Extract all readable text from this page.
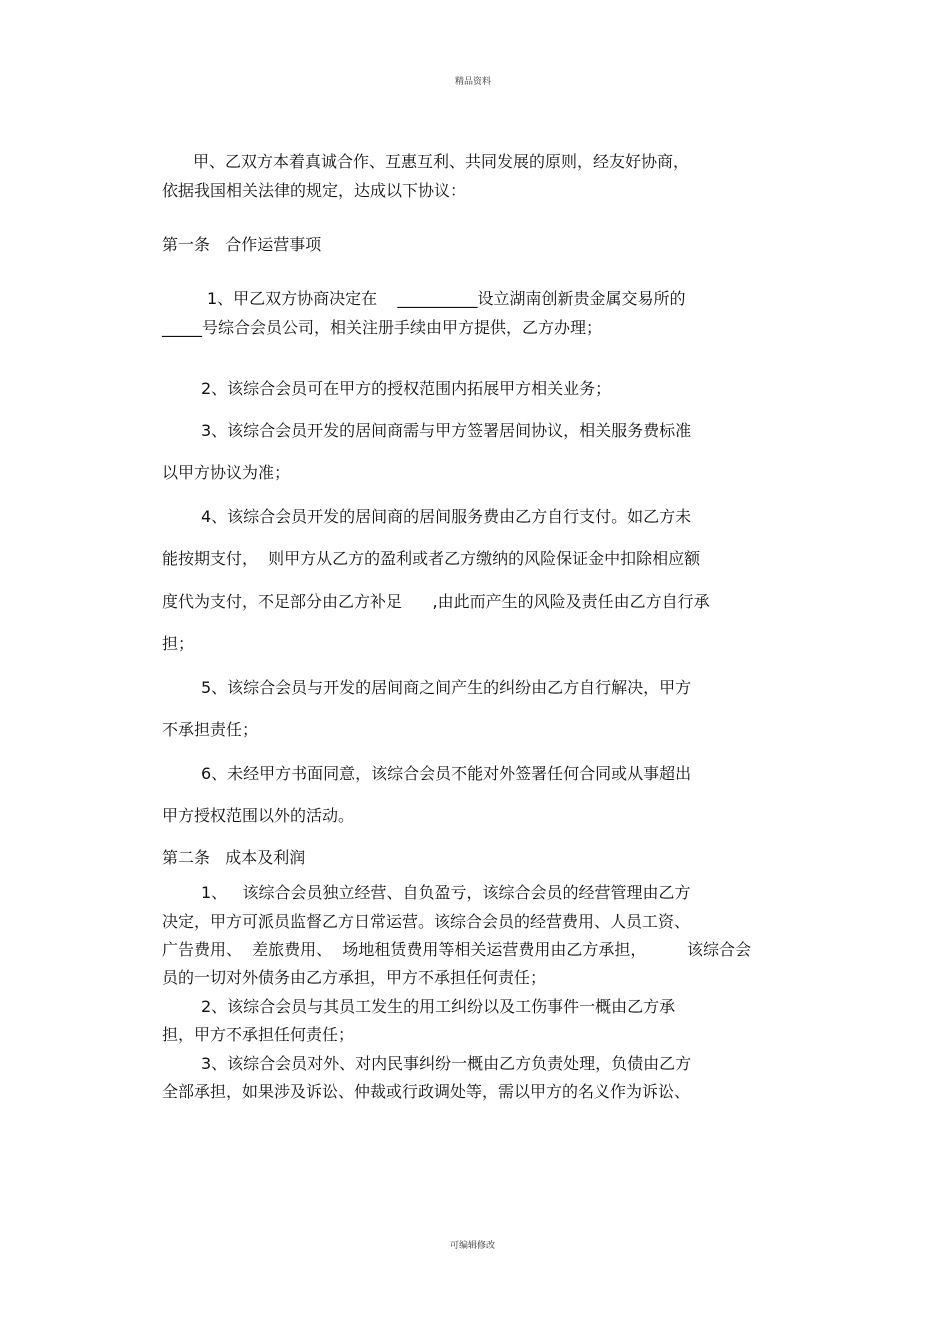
精品资料
甲、乙双方本着真诚合作、互惠互利、共同发展的原则，经友好协商，
依据我国相关法律的规定，达成以下协议：
第一条   合作运营事项
1、甲乙双方协商决定在    __________设立湖南创新贵金属交易所的
_____号综合会员公司，相关注册手续由甲方提供，乙方办理；
2、该综合会员可在甲方的授权范围内拓展甲方相关业务；
3、该综合会员开发的居间商需与甲方签署居间协议，相关服务费标准
以甲方协议为准；
4、该综合会员开发的居间商的居间服务费由乙方自行支付。如乙方未
能按期支付，  则甲方从乙方的盈利或者乙方缴纳的风险保证金中扣除相应额
度代为支付，不足部分由乙方补足      ,由此而产生的风险及责任由乙方自行承
担；
5、该综合会员与开发的居间商之间产生的纠纷由乙方自行解决，甲方
不承担责任；
6、未经甲方书面同意，该综合会员不能对外签署任何合同或从事超出
甲方授权范围以外的活动。
第二条   成本及利润
1、   该综合会员独立经营、自负盈亏，该综合会员的经营管理由乙方
决定，甲方可派员监督乙方日常运营。该综合会员的经营费用、人员工资、
广告费用、  差旅费用、  场地租赁费用等相关运营费用由乙方承担，        该综合会
员的一切对外债务由乙方承担，甲方不承担任何责任；
2、该综合会员与其员工发生的用工纠纷以及工伤事件一概由乙方承
担，甲方不承担任何责任；
3、该综合会员对外、对内民事纠纷一概由乙方负责处理，负债由乙方
全部承担，如果涉及诉讼、仲裁或行政调处等，需以甲方的名义作为诉讼、
可编辑修改
